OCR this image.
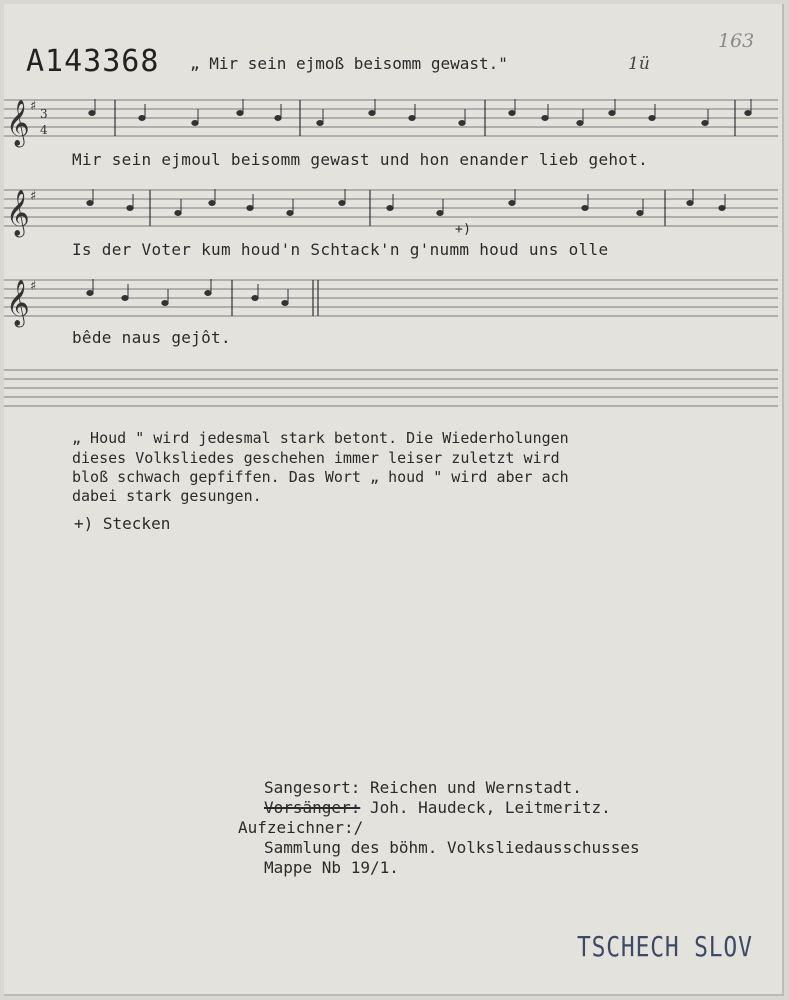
𝄞 ♯
𝄞 ♯
𝄞 ♯
3
4
A143368 „ Mir sein ejmoß beisomm gewast."	1ü
163
Mir sein ejmoul beisomm gewast und hon enander lieb gehot.
Is der Voter kum houd'n Schtack'n g'numm houd uns olle
+)
bêde naus gejôt.
„ Houd " wird jedesmal stark betont. Die Wiederholungen
dieses Volksliedes geschehen immer leiser zuletzt wird
bloß schwach gepfiffen. Das Wort „ houd " wird aber ach
dabei stark gesungen.
+) Stecken
Sangesort: Reichen und Wernstadt.
Vorsänger: Joh. Haudeck, Leitmeritz.
Aufzeichner:/
Sammlung des böhm. Volksliedausschusses
Mappe Nb 19/1.
TSCHECH SLOV
